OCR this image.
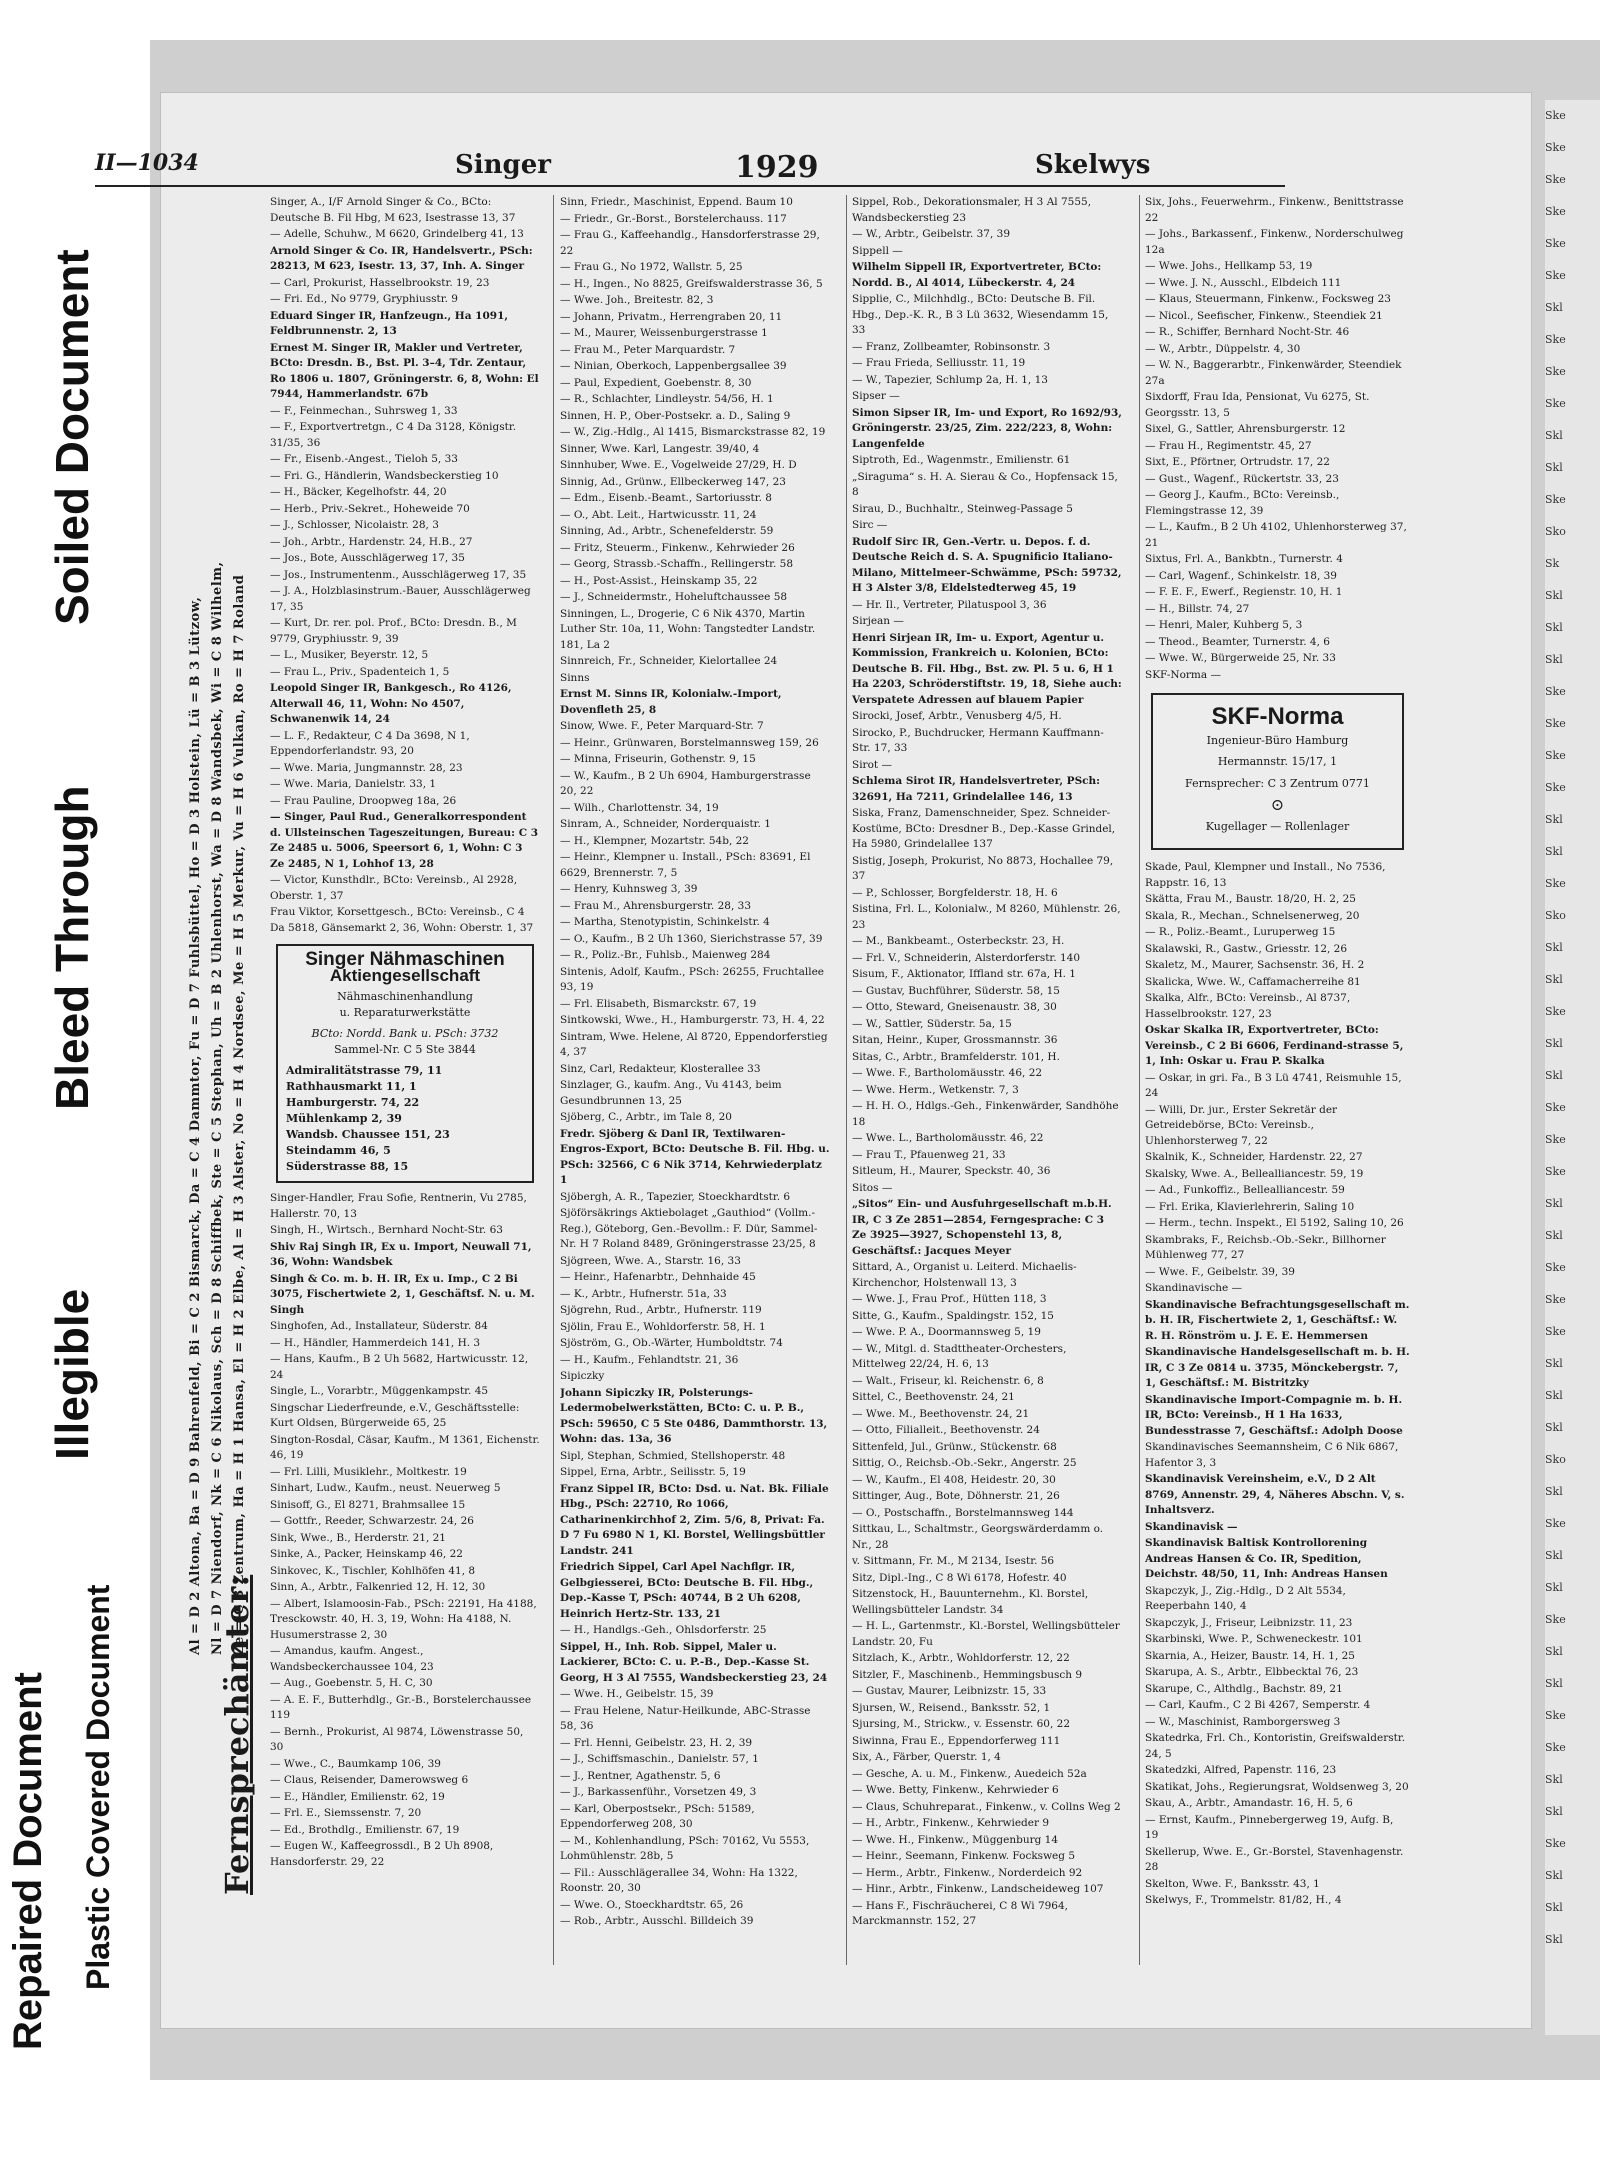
Repaired Document Plastic Covered Document
Illegible
Bleed Through
Soiled Document
Ske
Ske
Ske
Ske
Ske
Ske
Skl
Ske
Ske
Ske
Skl
Skl
Ske
Sko
Sk
Skl
Skl
Skl
Ske
Ske
Ske
Ske
Skl
Skl
Ske
Sko
Skl
Skl
Ske
Skl
Skl
Ske
Ske
Ske
Skl
Skl
Ske
Ske
Ske
Skl
Skl
Skl
Sko
Skl
Ske
Skl
Skl
Ske
Skl
Skl
Ske
Ske
Skl
Skl
Ske
Skl
Skl
Skl
II—1034	Singer	1929	Skelwys
Fernsprechämter:
Al = D 2 Altona, Ba = D 9 Bahrenfeld, Bi = C 2 Bismarck, Da = C 4 Dammtor, Fu = D 7 Fuhlsbüttel, Ho = D 3 Holstein, Lü = B 3 Lützow, Nl = D 7 Niendorf, Nk = C 6 Nikolaus, Sch = D 8 Schiffbek, Ste = C 5 Stephan, Uh = B 2 Uhlenhorst, Wa = D 8 Wandsbek, Wi = C 8 Wilhelm, Ze = C 3 Zentrum, Ha = H 1 Hansa, El = H 2 Elbe, Al = H 3 Alster, No = H 4 Nordsee, Me = H 5 Merkur, Vu = H 6 Vulkan, Ro = H 7 Roland
Singer, A., I/F Arnold Singer & Co., BCto: Deutsche B. Fil Hbg, M 623, Isestrasse 13, 37
— Adelle, Schuhw., M 6620, Grindelberg 41, 13
Arnold Singer & Co. IR, Handelsvertr., PSch: 28213, M 623, Isestr. 13, 37, Inh. A. Singer
— Carl, Prokurist, Hasselbrookstr. 19, 23
— Fri. Ed., No 9779, Gryphiusstr. 9
Eduard Singer IR, Hanfzeugn., Ha 1091, Feldbrunnenstr. 2, 13
Ernest M. Singer IR, Makler und Vertreter, BCto: Dresdn. B., Bst. Pl. 3–4, Tdr. Zentaur, Ro 1806 u. 1807, Gröningerstr. 6, 8, Wohn: El 7944, Hammerlandstr. 67b
— F., Feinmechan., Suhrsweg 1, 33
— F., Exportvertretgn., C 4 Da 3128, Königstr. 31/35, 36
— Fr., Eisenb.-Angest., Tieloh 5, 33
— Fri. G., Händlerin, Wandsbeckerstieg 10
— H., Bäcker, Kegelhofstr. 44, 20
— Herb., Priv.-Sekret., Hoheweide 70
— J., Schlosser, Nicolaistr. 28, 3
— Joh., Arbtr., Hardenstr. 24, H.B., 27
— Jos., Bote, Ausschlägerweg 17, 35
— Jos., Instrumentenm., Ausschlägerweg 17, 35
— J. A., Holzblasinstrum.-Bauer, Ausschlägerweg 17, 35
— Kurt, Dr. rer. pol. Prof., BCto: Dresdn. B., M 9779, Gryphiusstr. 9, 39
— L., Musiker, Beyerstr. 12, 5
— Frau L., Priv., Spadenteich 1, 5
Leopold Singer IR, Bankgesch., Ro 4126, Alterwall 46, 11, Wohn: No 4507, Schwanenwik 14, 24
— L. F., Redakteur, C 4 Da 3698, N 1, Eppendorferlandstr. 93, 20
— Wwe. Maria, Jungmannstr. 28, 23
— Wwe. Maria, Danielstr. 33, 1
— Frau Pauline, Droopweg 18a, 26
— Singer, Paul Rud., Generalkorrespondent d. Ullsteinschen Tageszeitungen, Bureau: C 3 Ze 2485 u. 5006, Speersort 6, 1, Wohn: C 3 Ze 2485, N 1, Lohhof 13, 28
— Victor, Kunsthdlr., BCto: Vereinsb., Al 2928, Oberstr. 1, 37
Frau Viktor, Korsettgesch., BCto: Vereinsb., C 4 Da 5818, Gänsemarkt 2, 36, Wohn: Oberstr. 1, 37
Singer Nähmaschinen
Aktiengesellschaft
Nähmaschinenhandlung
u. Reparaturwerkstätte
BCto: Nordd. Bank u. PSch: 3732
Sammel-Nr. C 5 Ste 3844
Admiralitätstrasse 79, 11
Rathhausmarkt 11, 1
Hamburgerstr. 74, 22
Mühlenkamp 2, 39
Wandsb. Chaussee 151, 23
Steindamm 46, 5
Süderstrasse 88, 15
Singer-Handler, Frau Sofie, Rentnerin, Vu 2785, Hallerstr. 70, 13
Singh, H., Wirtsch., Bernhard Nocht-Str. 63
Shiv Raj Singh IR, Ex u. Import, Neuwall 71, 36, Wohn: Wandsbek
Singh & Co. m. b. H. IR, Ex u. Imp., C 2 Bi 3075, Fischertwiete 2, 1, Geschäftsf. N. u. M. Singh
Singhofen, Ad., Installateur, Süderstr. 84
— H., Händler, Hammerdeich 141, H. 3
— Hans, Kaufm., B 2 Uh 5682, Hartwicusstr. 12, 24
Single, L., Vorarbtr., Müggenkampstr. 45
Singschar Liederfreunde, e.V., Geschäftsstelle: Kurt Oldsen, Bürgerweide 65, 25
Sington-Rosdal, Cäsar, Kaufm., M 1361, Eichenstr. 46, 19
— Frl. Lilli, Musiklehr., Moltkestr. 19
Sinhart, Ludw., Kaufm., neust. Neuerweg 5
Sinisoff, G., El 8271, Brahmsallee 15
— Gottfr., Reeder, Schwarzestr. 24, 26
Sink, Wwe., B., Herderstr. 21, 21
Sinke, A., Packer, Heinskamp 46, 22
Sinkovec, K., Tischler, Kohlhöfen 41, 8
Sinn, A., Arbtr., Falkenried 12, H. 12, 30
— Albert, Islamoosin-Fab., PSch: 22191, Ha 4188, Tresckowstr. 40, H. 3, 19, Wohn: Ha 4188, N. Husumerstrasse 2, 30
— Amandus, kaufm. Angest., Wandsbeckerchaussee 104, 23
— Aug., Goebenstr. 5, H. C, 30
— A. E. F., Butterhdlg., Gr.-B., Borstelerchaussee 119
— Bernh., Prokurist, Al 9874, Löwenstrasse 50, 30
— Wwe., C., Baumkamp 106, 39
— Claus, Reisender, Damerowsweg 6
— E., Händler, Emilienstr. 62, 19
— Frl. E., Siemssenstr. 7, 20
— Ed., Brothdlg., Emilienstr. 67, 19
— Eugen W., Kaffeegrossdl., B 2 Uh 8908, Hansdorferstr. 29, 22
Sinn, Friedr., Maschinist, Eppend. Baum 10
— Friedr., Gr.-Borst., Borstelerchauss. 117
— Frau G., Kaffeehandlg., Hansdorferstrasse 29, 22
— Frau G., No 1972, Wallstr. 5, 25
— H., Ingen., No 8825, Greifswalderstrasse 36, 5
— Wwe. Joh., Breitestr. 82, 3
— Johann, Privatm., Herrengraben 20, 11
— M., Maurer, Weissenburgerstrasse 1
— Frau M., Peter Marquardstr. 7
— Ninian, Oberkoch, Lappenbergsallee 39
— Paul, Expedient, Goebenstr. 8, 30
— R., Schlachter, Lindleystr. 54/56, H. 1
Sinnen, H. P., Ober-Postsekr. a. D., Saling 9
— W., Zig.-Hdlg., Al 1415, Bismarckstrasse 82, 19
Sinner, Wwe. Karl, Langestr. 39/40, 4
Sinnhuber, Wwe. E., Vogelweide 27/29, H. D
Sinnig, Ad., Grünw., Ellbeckerweg 147, 23
— Edm., Eisenb.-Beamt., Sartoriusstr. 8
— O., Abt. Leit., Hartwicusstr. 11, 24
Sinning, Ad., Arbtr., Schenefelderstr. 59
— Fritz, Steuerm., Finkenw., Kehrwieder 26
— Georg, Strassb.-Schaffn., Rellingerstr. 58
— H., Post-Assist., Heinskamp 35, 22
— J., Schneidermstr., Hoheluftchaussee 58
Sinningen, L., Drogerie, C 6 Nik 4370, Martin Luther Str. 10a, 11, Wohn: Tangstedter Landstr. 181, La 2
Sinnreich, Fr., Schneider, Kielortallee 24
Sinns
Ernst M. Sinns IR, Kolonialw.-Import, Dovenfleth 25, 8
Sinow, Wwe. F., Peter Marquard-Str. 7
— Heinr., Grünwaren, Borstelmannsweg 159, 26
— Minna, Friseurin, Gothenstr. 9, 15
— W., Kaufm., B 2 Uh 6904, Hamburgerstrasse 20, 22
— Wilh., Charlottenstr. 34, 19
Sinram, A., Schneider, Norderquaistr. 1
— H., Klempner, Mozartstr. 54b, 22
— Heinr., Klempner u. Install., PSch: 83691, El 6629, Brennerstr. 7, 5
— Henry, Kuhnsweg 3, 39
— Frau M., Ahrensburgerstr. 28, 33
— Martha, Stenotypistin, Schinkelstr. 4
— O., Kaufm., B 2 Uh 1360, Sierichstrasse 57, 39
— R., Poliz.-Br., Fuhlsb., Maienweg 284
Sintenis, Adolf, Kaufm., PSch: 26255, Fruchtallee 93, 19
— Frl. Elisabeth, Bismarckstr. 67, 19
Sintkowski, Wwe., H., Hamburgerstr. 73, H. 4, 22
Sintram, Wwe. Helene, Al 8720, Eppendorferstieg 4, 37
Sinz, Carl, Redakteur, Klosterallee 33
Sinzlager, G., kaufm. Ang., Vu 4143, beim Gesundbrunnen 13, 25
Sjöberg, C., Arbtr., im Tale 8, 20
Fredr. Sjöberg & Danl IR, Textilwaren-Engros-Export, BCto: Deutsche B. Fil. Hbg. u. PSch: 32566, C 6 Nik 3714, Kehrwiederplatz 1
Sjöbergh, A. R., Tapezier, Stoeckhardtstr. 6
Sjöförsäkrings Aktiebolaget „Gauthiod“ (Vollm.-Reg.), Göteborg, Gen.-Bevollm.: F. Dür, Sammel-Nr. H 7 Roland 8489, Gröningerstrasse 23/25, 8
Sjögreen, Wwe. A., Starstr. 16, 33
— Heinr., Hafenarbtr., Dehnhaide 45
— K., Arbtr., Hufnerstr. 51a, 33
Sjögrehn, Rud., Arbtr., Hufnerstr. 119
Sjölin, Frau E., Wohldorferstr. 58, H. 1
Sjöström, G., Ob.-Wärter, Humboldtstr. 74
— H., Kaufm., Fehlandtstr. 21, 36
Sipiczky
Johann Sipiczky IR, Polsterungs-Ledermobelwerkstätten, BCto: C. u. P. B., PSch: 59650, C 5 Ste 0486, Dammthorstr. 13, Wohn: das. 13a, 36
Sipl, Stephan, Schmied, Stellshoperstr. 48
Sippel, Erna, Arbtr., Seilisstr. 5, 19
Franz Sippel IR, BCto: Dsd. u. Nat. Bk. Filiale Hbg., PSch: 22710, Ro 1066, Catharinenkirchhof 2, Zim. 5/6, 8, Privat: Fa. D 7 Fu 6980 N 1, Kl. Borstel, Wellingsbüttler Landstr. 241
Friedrich Sippel, Carl Apel Nachflgr. IR, Gelbgiesserei, BCto: Deutsche B. Fil. Hbg., Dep.-Kasse T, PSch: 40744, B 2 Uh 6208, Heinrich Hertz-Str. 133, 21
— H., Handlgs.-Geh., Ohlsdorferstr. 25
Sippel, H., Inh. Rob. Sippel, Maler u. Lackierer, BCto: C. u. P.-B., Dep.-Kasse St. Georg, H 3 Al 7555, Wandsbeckerstieg 23, 24
— Wwe. H., Geibelstr. 15, 39
— Frau Helene, Natur-Heilkunde, ABC-Strasse 58, 36
— Frl. Henni, Geibelstr. 23, H. 2, 39
— J., Schiffsmaschin., Danielstr. 57, 1
— J., Rentner, Agathenstr. 5, 6
— J., Barkassenführ., Vorsetzen 49, 3
— Karl, Oberpostsekr., PSch: 51589, Eppendorferweg 208, 30
— M., Kohlenhandlung, PSch: 70162, Vu 5553, Lohmühlenstr. 28b, 5
— Fil.: Ausschlägerallee 34, Wohn: Ha 1322, Roonstr. 20, 30
— Wwe. O., Stoeckhardtstr. 65, 26
— Rob., Arbtr., Ausschl. Billdeich 39
Sippel, Rob., Dekorationsmaler, H 3 Al 7555, Wandsbeckerstieg 23
— W., Arbtr., Geibelstr. 37, 39
Sippell —
Wilhelm Sippell IR, Exportvertreter, BCto: Nordd. B., Al 4014, Lübeckerstr. 4, 24
Sipplie, C., Milchhdlg., BCto: Deutsche B. Fil. Hbg., Dep.-K. R., B 3 Lü 3632, Wiesendamm 15, 33
— Franz, Zollbeamter, Robinsonstr. 3
— Frau Frieda, Selliusstr. 11, 19
— W., Tapezier, Schlump 2a, H. 1, 13
Sipser —
Simon Sipser IR, Im- und Export, Ro 1692/93, Gröningerstr. 23/25, Zim. 222/223, 8, Wohn: Langenfelde
Siptroth, Ed., Wagenmstr., Emilienstr. 61
„Siraguma“ s. H. A. Sierau & Co., Hopfensack 15, 8
Sirau, D., Buchhaltr., Steinweg-Passage 5
Sirc —
Rudolf Sirc IR, Gen.-Vertr. u. Depos. f. d. Deutsche Reich d. S. A. Spugnificio Italiano-Milano, Mittelmeer-Schwämme, PSch: 59732, H 3 Alster 3/8, Eldelstedterweg 45, 19
— Hr. Il., Vertreter, Pilatuspool 3, 36
Sirjean —
Henri Sirjean IR, Im- u. Export, Agentur u. Kommission, Frankreich u. Kolonien, BCto: Deutsche B. Fil. Hbg., Bst. zw. Pl. 5 u. 6, H 1 Ha 2203, Schröderstiftstr. 19, 18, Siehe auch: Verspatete Adressen auf blauem Papier
Sirocki, Josef, Arbtr., Venusberg 4/5, H.
Sirocko, P., Buchdrucker, Hermann Kauffmann-Str. 17, 33
Sirot —
Schlema Sirot IR, Handelsvertreter, PSch: 32691, Ha 7211, Grindelallee 146, 13
Siska, Franz, Damenschneider, Spez. Schneider-Kostüme, BCto: Dresdner B., Dep.-Kasse Grindel, Ha 5980, Grindelallee 137
Sistig, Joseph, Prokurist, No 8873, Hochallee 79, 37
— P., Schlosser, Borgfelderstr. 18, H. 6
Sistina, Frl. L., Kolonialw., M 8260, Mühlenstr. 26, 23
— M., Bankbeamt., Osterbeckstr. 23, H.
— Frl. V., Schneiderin, Alsterdorferstr. 140
Sisum, F., Aktionator, Iffland str. 67a, H. 1
— Gustav, Buchführer, Süderstr. 58, 15
— Otto, Steward, Gneisenaustr. 38, 30
— W., Sattler, Süderstr. 5a, 15
Sitan, Heinr., Kuper, Grossmannstr. 36
Sitas, C., Arbtr., Bramfelderstr. 101, H.
— Wwe. F., Bartholomäusstr. 46, 22
— Wwe. Herm., Wetkenstr. 7, 3
— H. H. O., Hdlgs.-Geh., Finkenwärder, Sandhöhe 18
— Wwe. L., Bartholomäusstr. 46, 22
— Frau T., Pfauenweg 21, 33
Sitleum, H., Maurer, Speckstr. 40, 36
Sitos —
„Sitos“ Ein- und Ausfuhrgesellschaft m.b.H. IR, C 3 Ze 2851—2854, Ferngesprache: C 3 Ze 3925—3927, Schopenstehl 13, 8, Geschäftsf.: Jacques Meyer
Sittard, A., Organist u. Leiterd. Michaelis-Kirchenchor, Holstenwall 13, 3
— Wwe. J., Frau Prof., Hütten 118, 3
Sitte, G., Kaufm., Spaldingstr. 152, 15
— Wwe. P. A., Doormannsweg 5, 19
— W., Mitgl. d. Stadttheater-Orchesters, Mittelweg 22/24, H. 6, 13
— Walt., Friseur, kl. Reichenstr. 6, 8
Sittel, C., Beethovenstr. 24, 21
— Wwe. M., Beethovenstr. 24, 21
— Otto, Filialleit., Beethovenstr. 24
Sittenfeld, Jul., Grünw., Stückenstr. 68
Sittig, O., Reichsb.-Ob.-Sekr., Angerstr. 25
— W., Kaufm., El 408, Heidestr. 20, 30
Sittinger, Aug., Bote, Döhnerstr. 21, 26
— O., Postschaffn., Borstelmannsweg 144
Sittkau, L., Schaltmstr., Georgswärderdamm o. Nr., 28
v. Sittmann, Fr. M., M 2134, Isestr. 56
Sitz, Dipl.-Ing., C 8 Wi 6178, Hofestr. 40
Sitzenstock, H., Bauunternehm., Kl. Borstel, Wellingsbütteler Landstr. 34
— H. L., Gartenmstr., Kl.-Borstel, Wellingsbütteler Landstr. 20, Fu
Sitzlach, K., Arbtr., Wohldorferstr. 12, 22
Sitzler, F., Maschinenb., Hemmingsbusch 9
— Gustav, Maurer, Leibnizstr. 15, 33
Sjursen, W., Reisend., Banksstr. 52, 1
Sjursing, M., Strickw., v. Essenstr. 60, 22
Siwinna, Frau E., Eppendorferweg 111
Six, A., Färber, Querstr. 1, 4
— Gesche, A. u. M., Finkenw., Auedeich 52a
— Wwe. Betty, Finkenw., Kehrwieder 6
— Claus, Schuhreparat., Finkenw., v. Collns Weg 2
— H., Arbtr., Finkenw., Kehrwieder 9
— Wwe. H., Finkenw., Müggenburg 14
— Heinr., Seemann, Finkenw. Focksweg 5
— Herm., Arbtr., Finkenw., Norderdeich 92
— Hinr., Arbtr., Finkenw., Landscheideweg 107
— Hans F., Fischräucherei, C 8 Wi 7964, Marckmannstr. 152, 27
Six, Johs., Feuerwehrm., Finkenw., Benittstrasse 22
— Johs., Barkassenf., Finkenw., Norderschulweg 12a
— Wwe. Johs., Hellkamp 53, 19
— Wwe. J. N., Ausschl., Elbdeich 111
— Klaus, Steuermann, Finkenw., Focksweg 23
— Nicol., Seefischer, Finkenw., Steendiek 21
— R., Schiffer, Bernhard Nocht-Str. 46
— W., Arbtr., Düppelstr. 4, 30
— W. N., Baggerarbtr., Finkenwärder, Steendiek 27a
Sixdorff, Frau Ida, Pensionat, Vu 6275, St. Georgsstr. 13, 5
Sixel, G., Sattler, Ahrensburgerstr. 12
— Frau H., Regimentstr. 45, 27
Sixt, E., Pförtner, Ortrudstr. 17, 22
— Gust., Wagenf., Rückertstr. 33, 23
— Georg J., Kaufm., BCto: Vereinsb., Flemingstrasse 12, 39
— L., Kaufm., B 2 Uh 4102, Uhlenhorsterweg 37, 21
Sixtus, Frl. A., Bankbtn., Turnerstr. 4
— Carl, Wagenf., Schinkelstr. 18, 39
— F. E. F., Ewerf., Regienstr. 10, H. 1
— H., Billstr. 74, 27
— Henri, Maler, Kuhberg 5, 3
— Theod., Beamter, Turnerstr. 4, 6
— Wwe. W., Bürgerweide 25, Nr. 33
SKF-Norma —
SKF-Norma
Ingenieur-Büro Hamburg
Hermannstr. 15/17, 1
Fernsprecher: C 3 Zentrum 0771
⊙
Kugellager — Rollenlager
Skade, Paul, Klempner und Install., No 7536, Rappstr. 16, 13
Skätta, Frau M., Baustr. 18/20, H. 2, 25
Skala, R., Mechan., Schnelsenerweg, 20
— R., Poliz.-Beamt., Luruperweg 15
Skalawski, R., Gastw., Griesstr. 12, 26
Skaletz, M., Maurer, Sachsenstr. 36, H. 2
Skalicka, Wwe. W., Caffamacherreihe 81
Skalka, Alfr., BCto: Vereinsb., Al 8737, Hasselbrookstr. 127, 23
Oskar Skalka IR, Exportvertreter, BCto: Vereinsb., C 2 Bi 6606, Ferdinand-strasse 5, 1, Inh: Oskar u. Frau P. Skalka
— Oskar, in gri. Fa., B 3 Lü 4741, Reismuhle 15, 24
— Willi, Dr. jur., Erster Sekretär der Getreidebörse, BCto: Vereinsb., Uhlenhorsterweg 7, 22
Skalnik, K., Schneider, Hardenstr. 22, 27
Skalsky, Wwe. A., Bellealliancestr. 59, 19
— Ad., Funkoffiz., Bellealliancestr. 59
— Frl. Erika, Klavierlehrerin, Saling 10
— Herm., techn. Inspekt., El 5192, Saling 10, 26
Skambraks, F., Reichsb.-Ob.-Sekr., Billhorner Mühlenweg 77, 27
— Wwe. F., Geibelstr. 39, 39
Skandinavische —
Skandinavische Befrachtungsgesellschaft m. b. H. IR, Fischertwiete 2, 1, Geschäftsf.: W. R. H. Rönström u. J. E. E. Hemmersen
Skandinavische Handelsgesellschaft m. b. H. IR, C 3 Ze 0814 u. 3735, Mönckebergstr. 7, 1, Geschäftsf.: M. Bistritzky
Skandinavische Import-Compagnie m. b. H. IR, BCto: Vereinsb., H 1 Ha 1633, Bundesstrasse 7, Geschäftsf.: Adolph Doose
Skandinavisches Seemannsheim, C 6 Nik 6867, Hafentor 3, 3
Skandinavisk Vereinsheim, e.V., D 2 Alt 8769, Annenstr. 29, 4, Näheres Abschn. V, s. Inhaltsverz.
Skandinavisk —
Skandinavisk Baltisk Kontrollorening Andreas Hansen & Co. IR, Spedition, Deichstr. 48/50, 11, Inh: Andreas Hansen
Skapczyk, J., Zig.-Hdlg., D 2 Alt 5534, Reeperbahn 140, 4
Skapczyk, J., Friseur, Leibnizstr. 11, 23
Skarbinski, Wwe. P., Schweneckestr. 101
Skarnia, A., Heizer, Baustr. 14, H. 1, 25
Skarupa, A. S., Arbtr., Elbbecktal 76, 23
Skarupe, C., Althdlg., Bachstr. 89, 21
— Carl, Kaufm., C 2 Bi 4267, Semperstr. 4
— W., Maschinist, Ramborgersweg 3
Skatedrka, Frl. Ch., Kontoristin, Greifswalderstr. 24, 5
Skatedzki, Alfred, Papenstr. 116, 23
Skatikat, Johs., Regierungsrat, Woldsenweg 3, 20
Skau, A., Arbtr., Amandastr. 16, H. 5, 6
— Ernst, Kaufm., Pinnebergerweg 19, Aufg. B, 19
Skellerup, Wwe. E., Gr.-Borstel, Stavenhagenstr. 28
Skelton, Wwe. F., Banksstr. 43, 1
Skelwys, F., Trommelstr. 81/82, H., 4
